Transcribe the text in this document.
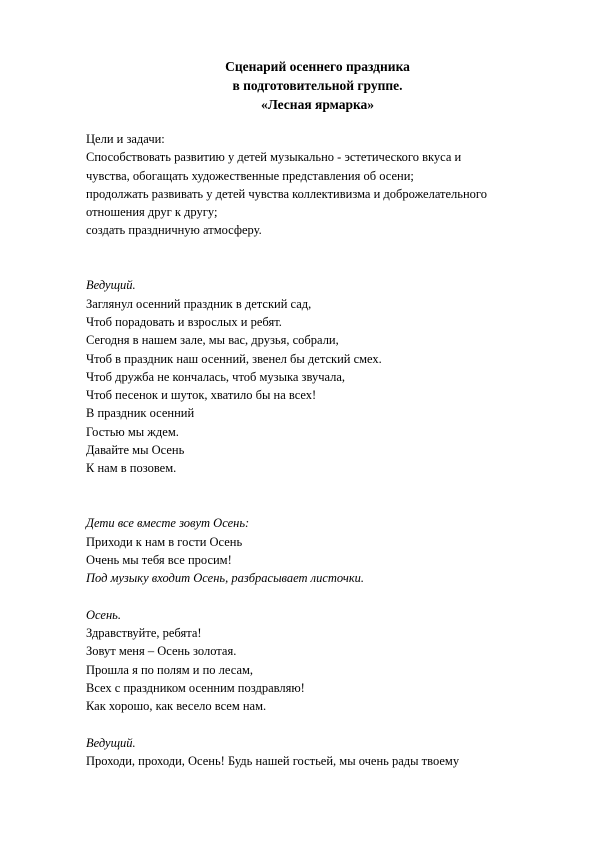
Сценарий осеннего праздника
в подготовительной группе.
«Лесная ярмарка»
Цели и задачи:
Способствовать развитию у детей музыкально - эстетического вкуса и
чувства, обогащать художественные представления об осени;
продолжать развивать у детей чувства коллективизма и доброжелательного
отношения друг к другу;
создать праздничную атмосферу.
Ведущий.
Заглянул осенний праздник в детский сад,
Чтоб порадовать и взрослых и ребят.
Сегодня в нашем зале, мы вас, друзья, собрали,
Чтоб в праздник наш осенний, звенел бы детский смех.
Чтоб дружба не кончалась, чтоб музыка звучала,
Чтоб песенок и шуток, хватило бы на всех!
В праздник осенний
Гостью мы ждем.
Давайте мы Осень
К нам в позовем.
Дети все вместе зовут Осень:
Приходи к нам в гости Осень
Очень мы тебя все просим!
Под музыку входит Осень, разбрасывает листочки.
Осень.
Здравствуйте, ребята!
Зовут меня – Осень золотая.
Прошла я по полям и по лесам,
Всех с праздником осенним поздравляю!
Как хорошо, как весело всем нам.
Ведущий.
Проходи, проходи, Осень! Будь нашей гостьей, мы очень рады твоему
